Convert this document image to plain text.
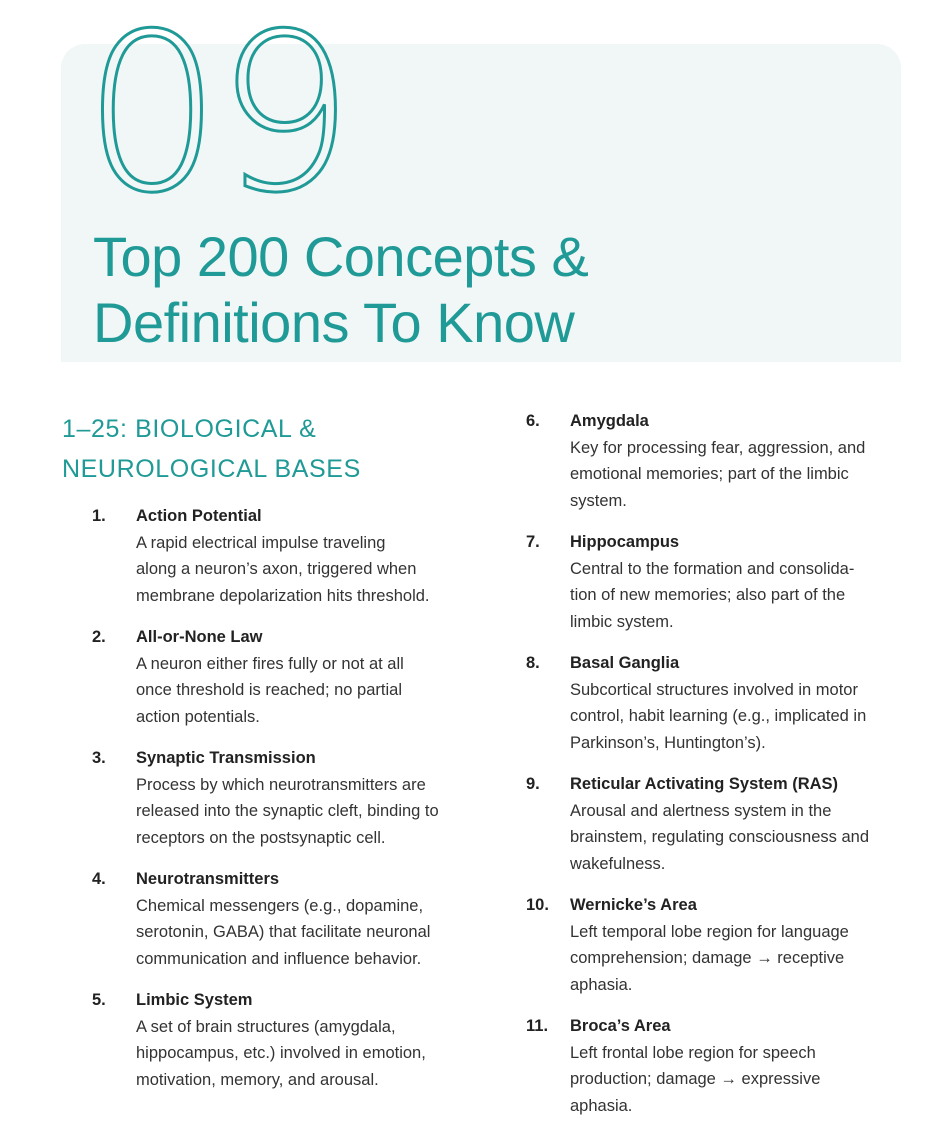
09
Top 200 Concepts &
Definitions To Know
1–25: BIOLOGICAL &
NEUROLOGICAL BASES
1. Action Potential
A rapid electrical impulse traveling
along a neuron’s axon, triggered when
membrane depolarization hits threshold.
2. All-or-None Law
A neuron either fires fully or not at all
once threshold is reached; no partial
action potentials.
3. Synaptic Transmission
Process by which neurotransmitters are
released into the synaptic cleft, binding to
receptors on the postsynaptic cell.
4. Neurotransmitters
Chemical messengers (e.g., dopamine,
serotonin, GABA) that facilitate neuronal
communication and influence behavior.
5. Limbic System
A set of brain structures (amygdala,
hippocampus, etc.) involved in emotion,
motivation, memory, and arousal.
6. Amygdala
Key for processing fear, aggression, and
emotional memories; part of the limbic
system.
7. Hippocampus
Central to the formation and consolida-
tion of new memories; also part of the
limbic system.
8. Basal Ganglia
Subcortical structures involved in motor
control, habit learning (e.g., implicated in
Parkinson’s, Huntington’s).
9. Reticular Activating System (RAS)
Arousal and alertness system in the
brainstem, regulating consciousness and
wakefulness.
10. Wernicke’s Area
Left temporal lobe region for language
comprehension; damage → receptive
aphasia.
11. Broca’s Area
Left frontal lobe region for speech
production; damage → expressive
aphasia.
